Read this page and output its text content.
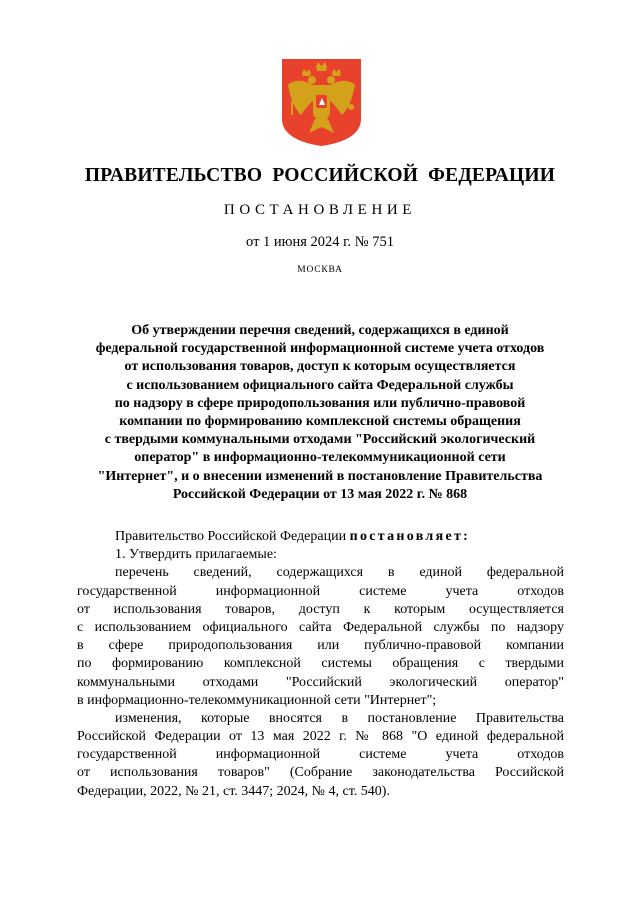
ПРАВИТЕЛЬСТВО РОССИЙСКОЙ ФЕДЕРАЦИИ
ПОСТАНОВЛЕНИЕ
от 1 июня 2024 г. № 751
МОСКВА
Об утверждении перечня сведений, содержащихся в единой
федеральной государственной информационной системе учета отходов
от использования товаров, доступ к которым осуществляется
с использованием официального сайта Федеральной службы
по надзору в сфере природопользования или публично-правовой
компании по формированию комплексной системы обращения
с твердыми коммунальными отходами "Российский экологический
оператор" в информационно-телекоммуникационной сети
"Интернет", и о внесении изменений в постановление Правительства
Российской Федерации от 13 мая 2022 г. № 868
Правительство Российской Федерации постановляет:
1. Утвердить прилагаемые:
перечень сведений, содержащихся в единой федеральной
государственной информационной системе учета отходов
от использования товаров, доступ к которым осуществляется
с использованием официального сайта Федеральной службы по надзору
в сфере природопользования или публично-правовой компании
по формированию комплексной системы обращения с твердыми
коммунальными отходами "Российский экологический оператор"
в информационно-телекоммуникационной сети "Интернет";
изменения, которые вносятся в постановление Правительства
Российской Федерации от 13 мая 2022 г. № 868 "О единой федеральной
государственной информационной системе учета отходов
от использования товаров" (Собрание законодательства Российской
Федерации, 2022, № 21, ст. 3447; 2024, № 4, ст. 540).
